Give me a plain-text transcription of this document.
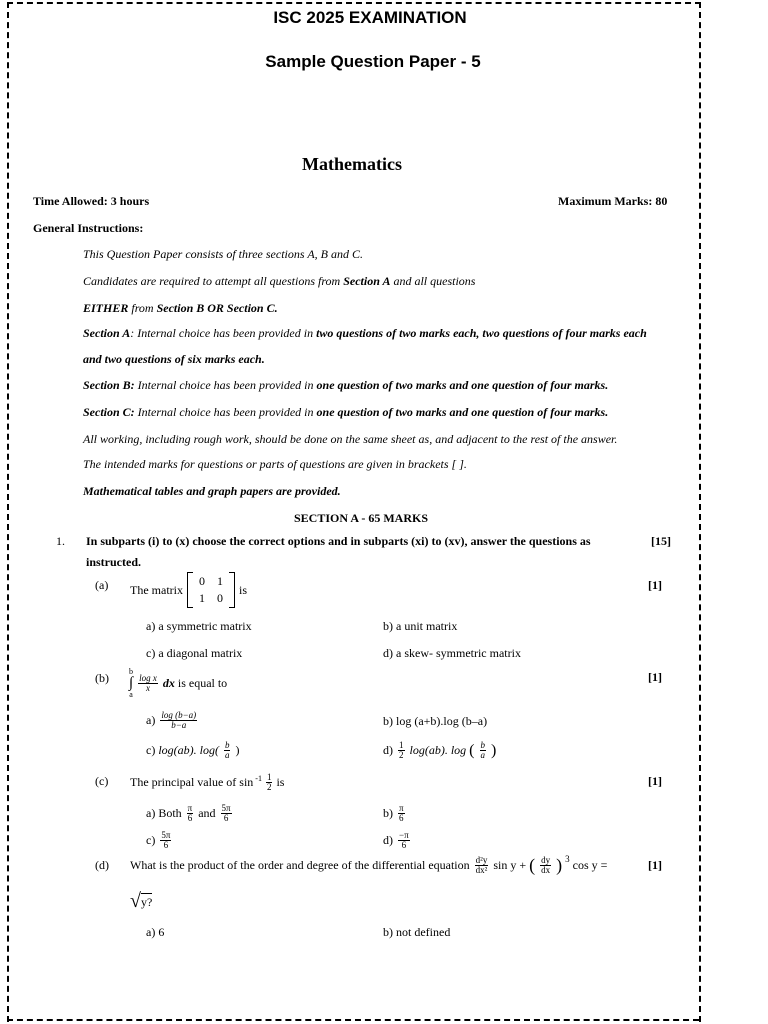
ISC 2025 EXAMINATION
Sample Question Paper - 5
Mathematics
Time Allowed: 3 hours	Maximum Marks: 80
General Instructions:
This Question Paper consists of three sections A, B and C.
Candidates are required to attempt all questions from Section A and all questions
EITHER from Section B OR Section C.
Section A: Internal choice has been provided in two questions of two marks each, two questions of four marks each
and two questions of six marks each.
Section B: Internal choice has been provided in one question of two marks and one question of four marks.
Section C: Internal choice has been provided in one question of two marks and one question of four marks.
All working, including rough work, should be done on the same sheet as, and adjacent to the rest of the answer.
The intended marks for questions or parts of questions are given in brackets [ ].
Mathematical tables and graph papers are provided.
SECTION A - 65 MARKS
1. In subparts (i) to (x) choose the correct options and in subparts (xi) to (xv), answer the questions as
instructed.
[15]
(a) The matrix
0	1
1	0
is	[1]
a) a symmetric matrix	b) a unit matrix
c) a diagonal matrix	d) a skew- symmetric matrix
(b)	b
∫
a
$\frac{\text{log x}}{x}$ dx is equal to	[1]
$a) \frac{\log (b-a)}{b-a}$	b) log (a+b).log (b–a)
c) log(ab). $\log( \frac{b}{a}$ )	$d) \frac{1}{2} \log(ab)$. log ( $\frac{b}{a}$ )
(c) The principal value of $\sin ^{-1} \frac{1}{2}$ is	[1]
a) Both $\frac{\pi}{6}$ and $\frac{5\pi}{6}$	$b) \frac{\pi}{6}$
$c) \frac{5\pi}{6}$	$d) \frac{-\pi}{6}$
(d) What is the product of the order and degree of the differential equation $\frac{\text{d²y}}{\text{dx²}}$ sin y + ( $\frac{dy}{dx}$ ) $^3$ cos y =	[1]
√ y?
a) 6	b) not defined
